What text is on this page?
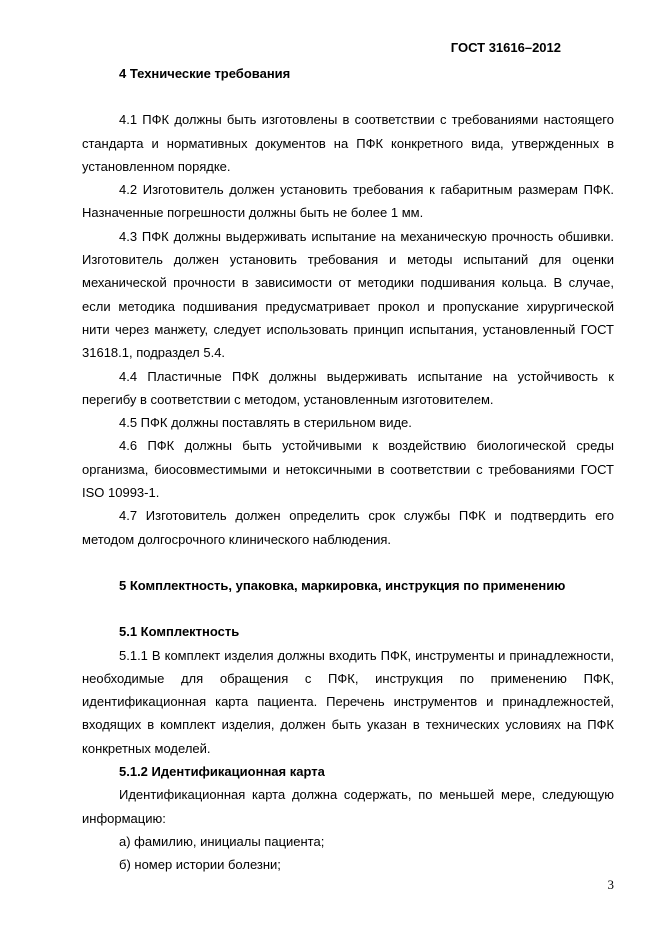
ГОСТ 31616–2012

4 Технические требования

4.1 ПФК должны быть изготовлены в соответствии с требованиями настоящего стандарта и нормативных документов на ПФК конкретного вида, утвержденных в установленном порядке.

4.2 Изготовитель должен установить требования к габаритным размерам ПФК. Назначенные погрешности должны быть не более 1 мм.

4.3 ПФК должны выдерживать испытание на механическую прочность обшивки. Изготовитель должен установить требования и методы испытаний для оценки механической прочности в зависимости от методики подшивания кольца. В случае, если методика подшивания предусматривает прокол и пропускание хирургической нити через манжету, следует использовать принцип испытания, установленный ГОСТ 31618.1, подраздел 5.4.

4.4 Пластичные ПФК должны выдерживать испытание на устойчивость к перегибу в соответствии с методом, установленным изготовителем.

4.5 ПФК должны поставлять в стерильном виде.

4.6 ПФК должны быть устойчивыми к воздействию биологической среды организма, биосовместимыми и нетоксичными в соответствии с требованиями ГОСТ ISO 10993-1.

4.7 Изготовитель должен определить срок службы ПФК и подтвердить его методом долгосрочного клинического наблюдения.

5 Комплектность, упаковка, маркировка, инструкция по применению

5.1 Комплектность

5.1.1 В комплект изделия должны входить ПФК, инструменты и принадлежности, необходимые для обращения с ПФК, инструкция по применению ПФК, идентификационная карта пациента. Перечень инструментов и принадлежностей, входящих в комплект изделия, должен быть указан в технических условиях на ПФК конкретных моделей.

5.1.2 Идентификационная карта

Идентификационная карта должна содержать, по меньшей мере, следующую информацию:

а) фамилию, инициалы пациента;

б) номер истории болезни;

3
